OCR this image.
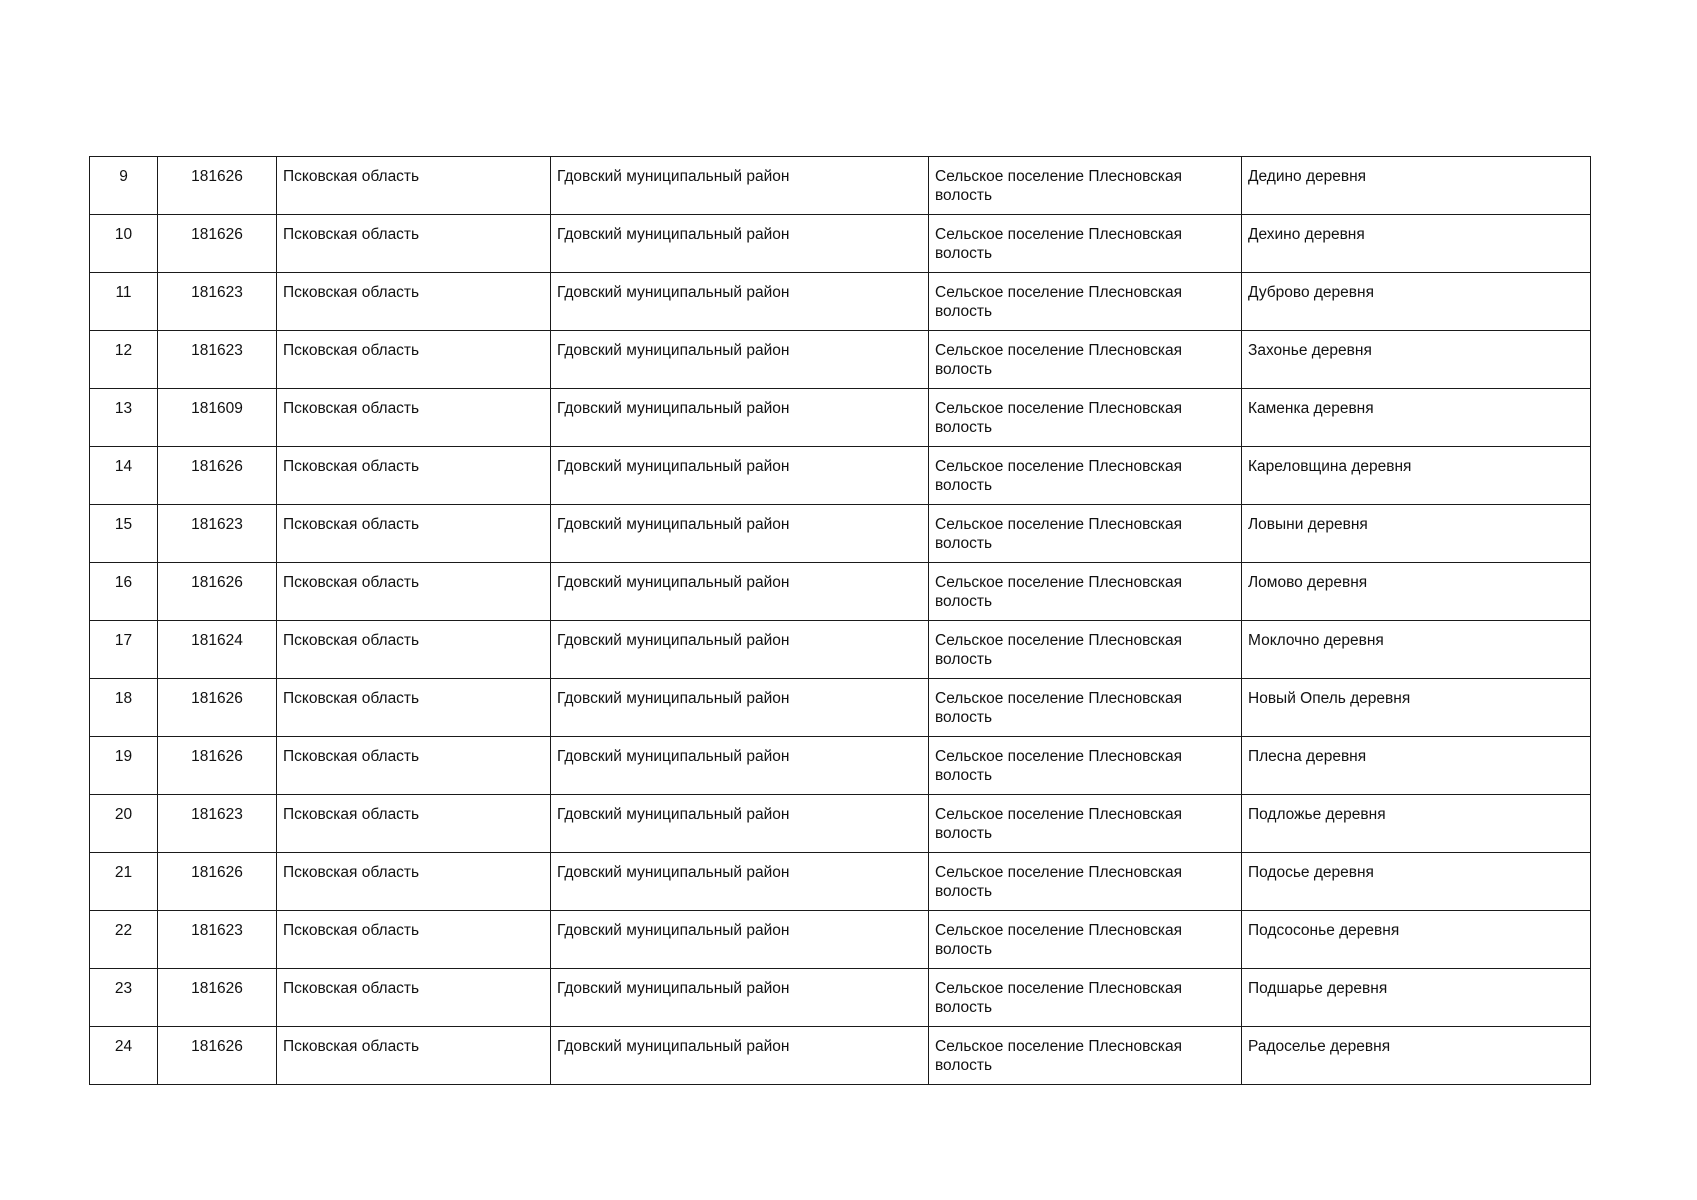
9	181626	Псковская область	Гдовский муниципальный район	Сельское поселение Плесновская волость	Дедино деревня
10	181626	Псковская область	Гдовский муниципальный район	Сельское поселение Плесновская волость	Дехино деревня
11	181623	Псковская область	Гдовский муниципальный район	Сельское поселение Плесновская волость	Дуброво деревня
12	181623	Псковская область	Гдовский муниципальный район	Сельское поселение Плесновская волость	Захонье деревня
13	181609	Псковская область	Гдовский муниципальный район	Сельское поселение Плесновская волость	Каменка деревня
14	181626	Псковская область	Гдовский муниципальный район	Сельское поселение Плесновская волость	Кареловщина деревня
15	181623	Псковская область	Гдовский муниципальный район	Сельское поселение Плесновская волость	Ловыни деревня
16	181626	Псковская область	Гдовский муниципальный район	Сельское поселение Плесновская волость	Ломово деревня
17	181624	Псковская область	Гдовский муниципальный район	Сельское поселение Плесновская волость	Моклочно деревня
18	181626	Псковская область	Гдовский муниципальный район	Сельское поселение Плесновская волость	Новый Опель деревня
19	181626	Псковская область	Гдовский муниципальный район	Сельское поселение Плесновская волость	Плесна деревня
20	181623	Псковская область	Гдовский муниципальный район	Сельское поселение Плесновская волость	Подложье деревня
21	181626	Псковская область	Гдовский муниципальный район	Сельское поселение Плесновская волость	Подосье деревня
22	181623	Псковская область	Гдовский муниципальный район	Сельское поселение Плесновская волость	Подсосонье деревня
23	181626	Псковская область	Гдовский муниципальный район	Сельское поселение Плесновская волость	Подшарье деревня
24	181626	Псковская область	Гдовский муниципальный район	Сельское поселение Плесновская волость	Радоселье деревня
